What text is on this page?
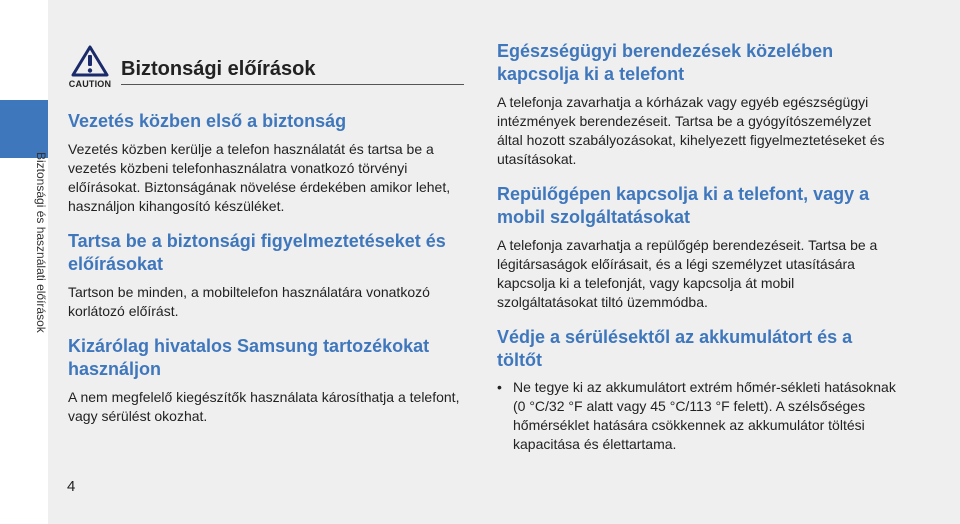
Biztonsági és használati előírások
CAUTION
Biztonsági előírások
Vezetés közben első a biztonság

Vezetés közben kerülje a telefon használatát és tartsa be a vezetés közbeni telefonhasználatra vonatkozó törvényi előírásokat. Biztonságának növelése érdekében amikor lehet, használjon kihangosító készüléket.

Tartsa be a biztonsági figyelmeztetéseket és előírásokat

Tartson be minden, a mobiltelefon használatára vonatkozó korlátozó előírást.

Kizárólag hivatalos Samsung tartozékokat használjon

A nem megfelelő kiegészítők használata károsíthatja a telefont, vagy sérülést okozhat.

Egészségügyi berendezések közelében kapcsolja ki a telefont

A telefonja zavarhatja a kórházak vagy egyéb egészségügyi intézmények berendezéseit. Tartsa be a gyógyítószemélyzet által hozott szabályozásokat, kihelyezett figyelmeztetéseket és utasításokat.

Repülőgépen kapcsolja ki a telefont, vagy a mobil szolgáltatásokat

A telefonja zavarhatja a repülőgép berendezéseit. Tartsa be a légitársaságok előírásait, és a légi személyzet utasítására kapcsolja ki a telefonját, vagy kapcsolja át mobil szolgáltatásokat tiltó üzemmódba.

Védje a sérülésektől az akkumulátort és a töltőt
• Ne tegye ki az akkumulátort extrém hőmér-sékleti hatásoknak (0 °C/32 °F alatt vagy 45 °C/113 °F felett). A szélsőséges hőmérséklet hatására csökkennek az akkumulátor töltési kapacitása és élettartama.
4
